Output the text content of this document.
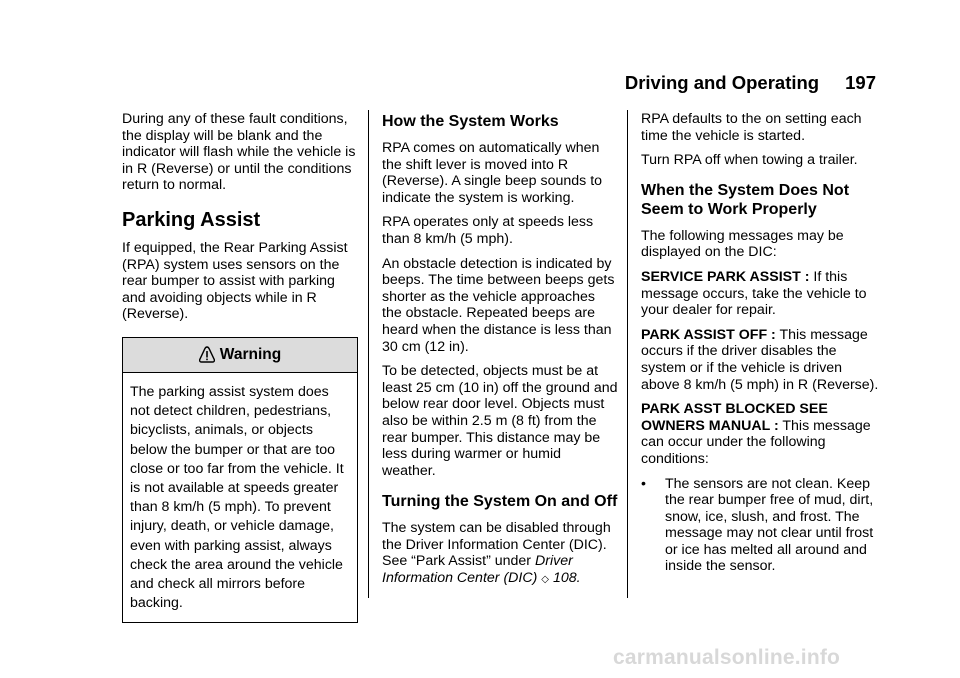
Driving and Operating 197

During any of these fault conditions, the display will be blank and the indicator will flash while the vehicle is in R (Reverse) or until the conditions return to normal.

Parking Assist

If equipped, the Rear Parking Assist (RPA) system uses sensors on the rear bumper to assist with parking and avoiding objects while in R (Reverse).

Warning
The parking assist system does not detect children, pedestrians, bicyclists, animals, or objects below the bumper or that are too close or too far from the vehicle. It is not available at speeds greater than 8 km/h (5 mph). To prevent injury, death, or vehicle damage, even with parking assist, always check the area around the vehicle and check all mirrors before backing.
How the System Works

RPA comes on automatically when the shift lever is moved into R (Reverse). A single beep sounds to indicate the system is working.

RPA operates only at speeds less than 8 km/h (5 mph).

An obstacle detection is indicated by beeps. The time between beeps gets shorter as the vehicle approaches the obstacle. Repeated beeps are heard when the distance is less than 30 cm (12 in).

To be detected, objects must be at least 25 cm (10 in) off the ground and below rear door level. Objects must also be within 2.5 m (8 ft) from the rear bumper. This distance may be less during warmer or humid weather.

Turning the System On and Off

The system can be disabled through the Driver Information Center (DIC). See “Park Assist” under Driver Information Center (DIC) ◇ 108.

RPA defaults to the on setting each time the vehicle is started.

Turn RPA off when towing a trailer.

When the System Does Not Seem to Work Properly

The following messages may be displayed on the DIC:

SERVICE PARK ASSIST : If this message occurs, take the vehicle to your dealer for repair.

PARK ASSIST OFF : This message occurs if the driver disables the system or if the vehicle is driven above 8 km/h (5 mph) in R (Reverse).

PARK ASST BLOCKED SEE OWNERS MANUAL : This message can occur under the following conditions:

•	The sensors are not clean. Keep the rear bumper free of mud, dirt, snow, ice, slush, and frost. The message may not clear until frost or ice has melted all around and inside the sensor.
carmanualsonline.info
